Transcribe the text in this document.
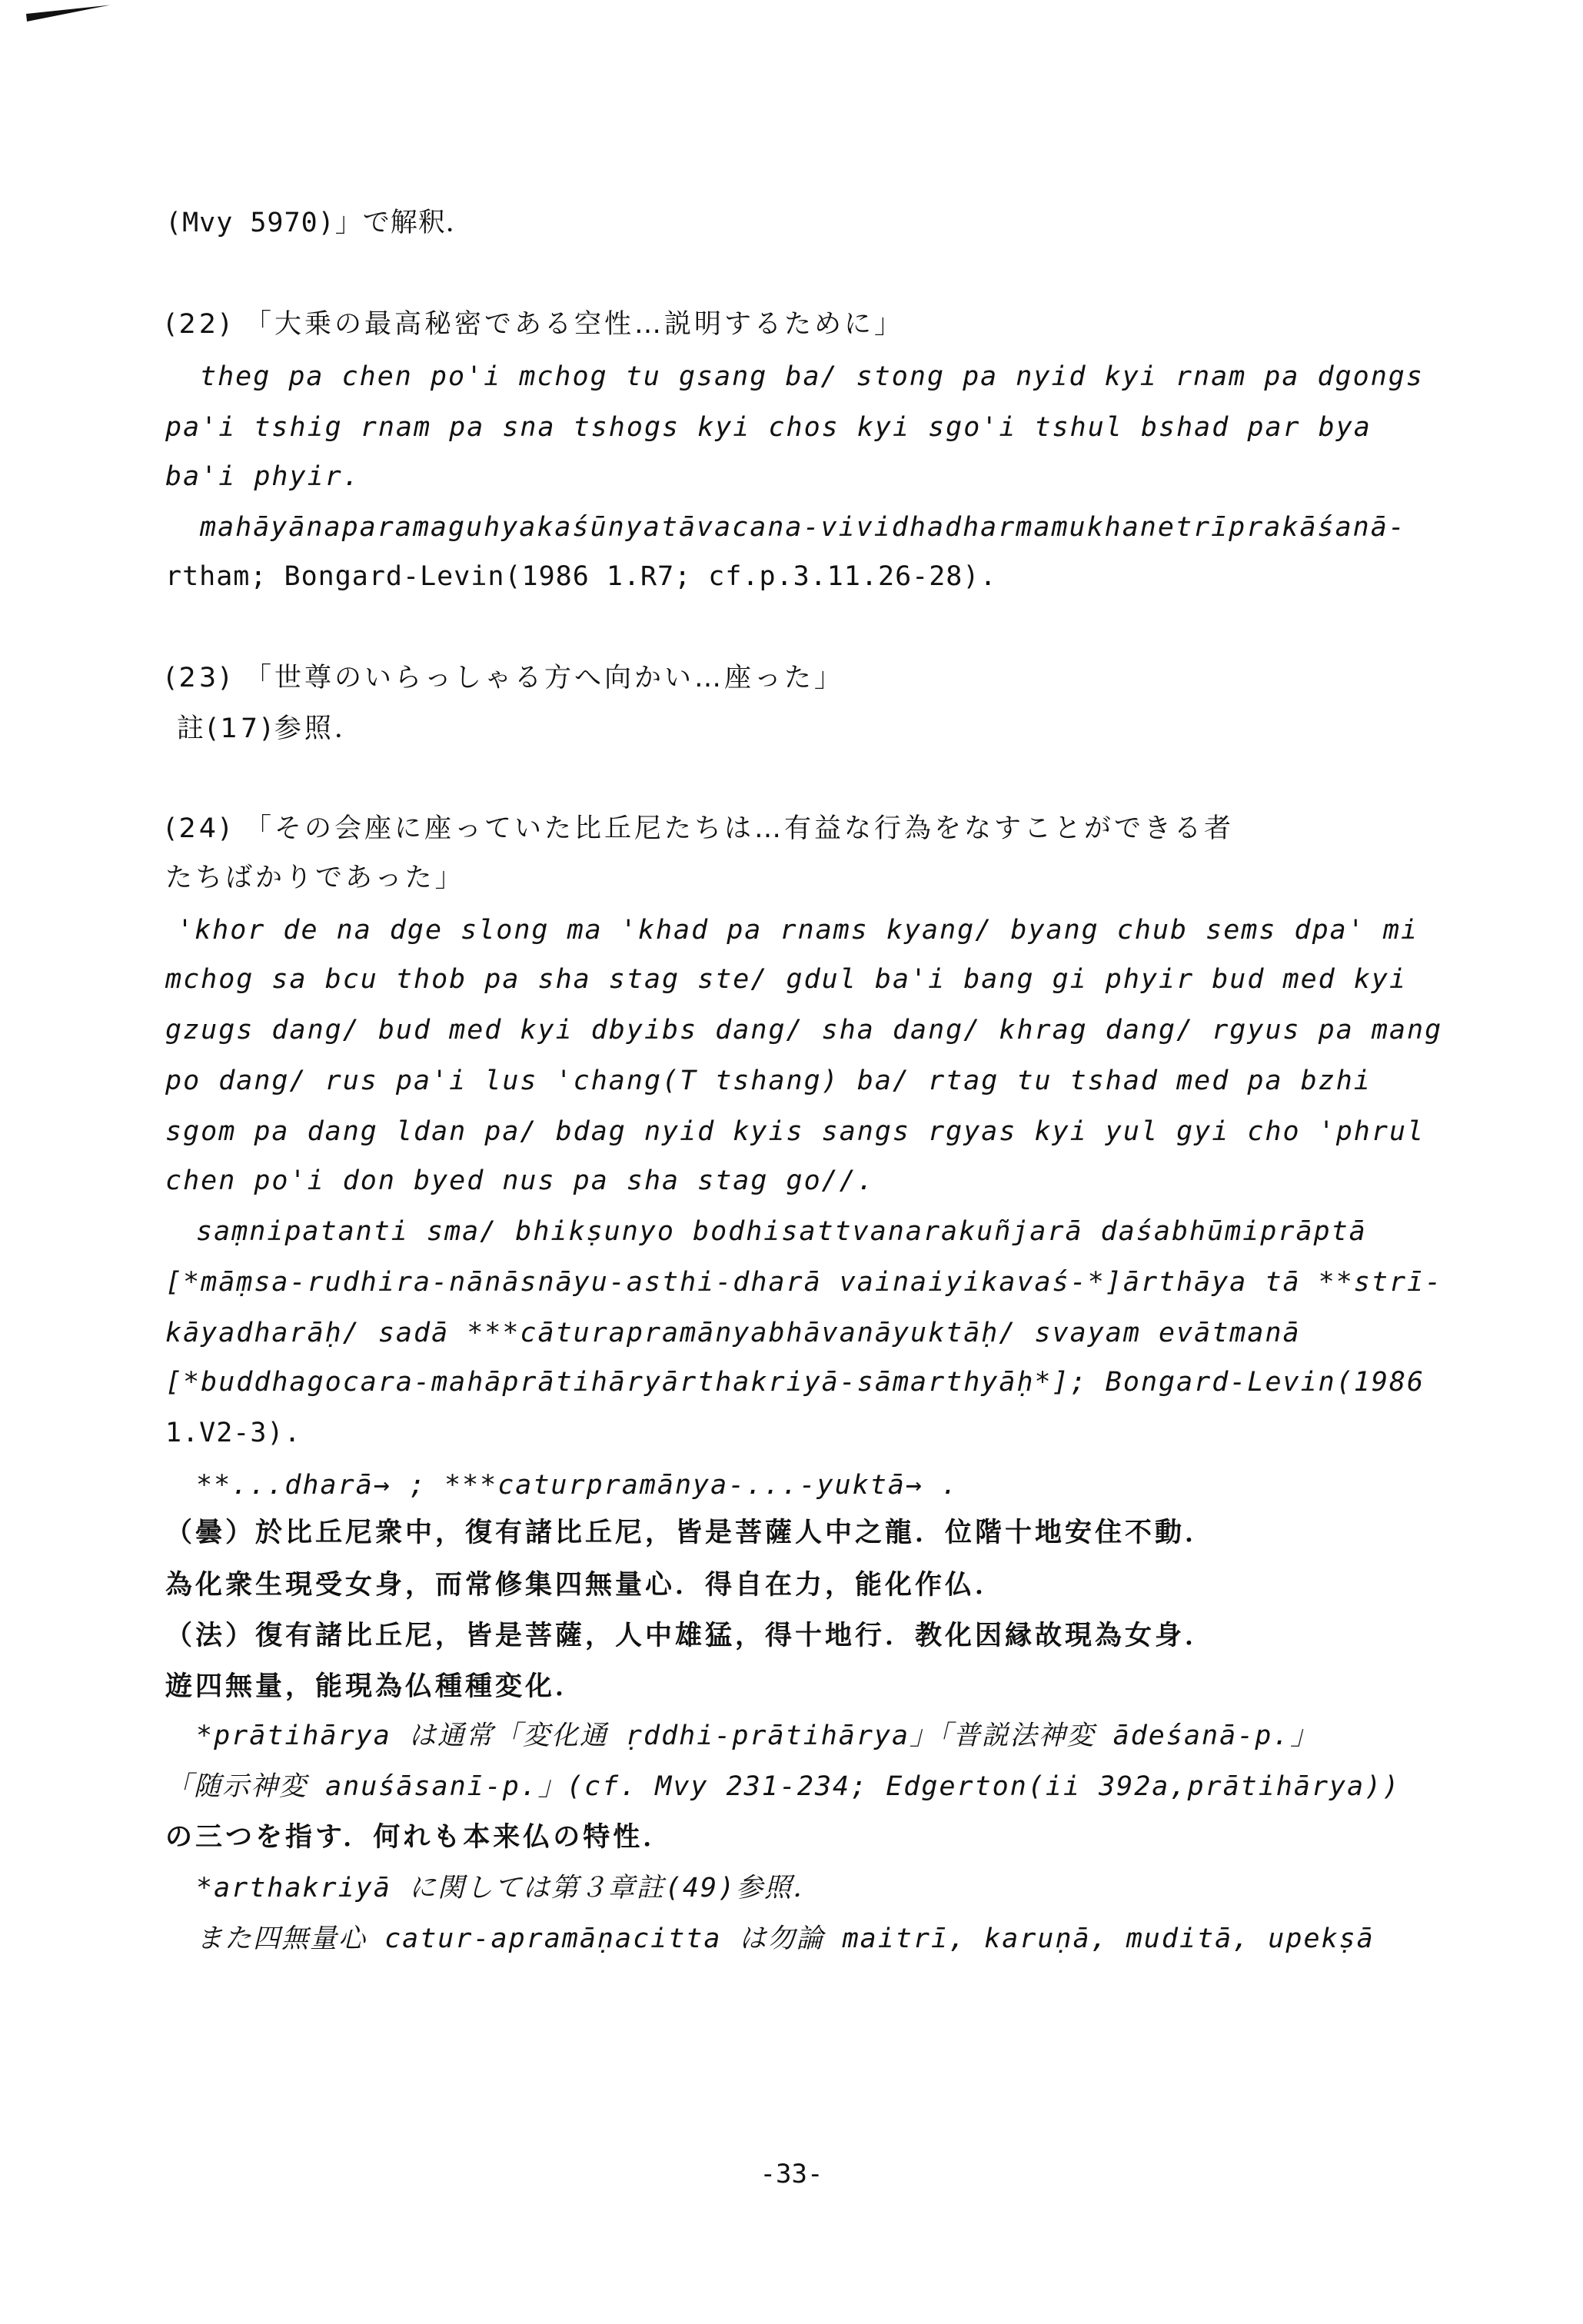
(Mvy 5970)」で解釈．
(22) 「大乗の最高秘密である空性…説明するために」
theg pa chen po'i mchog tu gsang ba/ stong pa nyid kyi rnam pa dgongs
pa'i tshig rnam pa sna tshogs kyi chos kyi sgo'i tshul bshad par bya
ba'i phyir.
mahāyānaparamaguhyakaśūnyatāvacana-vividhadharmamukhanetrīprakāśanā-
rtham; Bongard-Levin(1986 1.R7; cf.p.3.11.26-28).
(23) 「世尊のいらっしゃる方へ向かい…座った」
註(17)参照．
(24) 「その会座に座っていた比丘尼たちは…有益な行為をなすことができる者
たちばかりであった」
'khor de na dge slong ma 'khad pa rnams kyang/ byang chub sems dpa' mi
mchog sa bcu thob pa sha stag ste/ gdul ba'i bang gi phyir bud med kyi
gzugs dang/ bud med kyi dbyibs dang/ sha dang/ khrag dang/ rgyus pa mang
po dang/ rus pa'i lus 'chang(T tshang) ba/ rtag tu tshad med pa bzhi
sgom pa dang ldan pa/ bdag nyid kyis sangs rgyas kyi yul gyi cho 'phrul
chen po'i don byed nus pa sha stag go//.
saṃnipatanti sma/ bhikṣunyo bodhisattvanarakuñjarā daśabhūmiprāptā
[*māṃsa-rudhira-nānāsnāyu-asthi-dharā vainaiyikavaś-*]ārthāya tā **strī-
kāyadharāḥ/ sadā ***cāturapramānyabhāvanāyuktāḥ/ svayam evātmanā
[*buddhagocara-mahāprātihāryārthakriyā-sāmarthyāḥ*]; Bongard-Levin(1986
1.V2-3).
**...dharā→ ; ***caturpramānya-...-yuktā→ .
（曇）於比丘尼衆中，復有諸比丘尼，皆是菩薩人中之龍．位階十地安住不動．
為化衆生現受女身，而常修集四無量心．得自在力，能化作仏．
（法）復有諸比丘尼，皆是菩薩，人中雄猛，得十地行．教化因縁故現為女身．
遊四無量，能現為仏種種変化．
*prātihārya は通常「変化通 ṛddhi-prātihārya」「普説法神変 ādeśanā-p.」
「随示神変 anuśāsanī-p.」(cf. Mvy 231-234; Edgerton(ii 392a,prātihārya))
の三つを指す．何れも本来仏の特性．
*arthakriyā に関しては第３章註(49)参照．
また四無量心 catur-apramāṇacitta は勿論 maitrī, karuṇā, muditā, upekṣā
-33-
